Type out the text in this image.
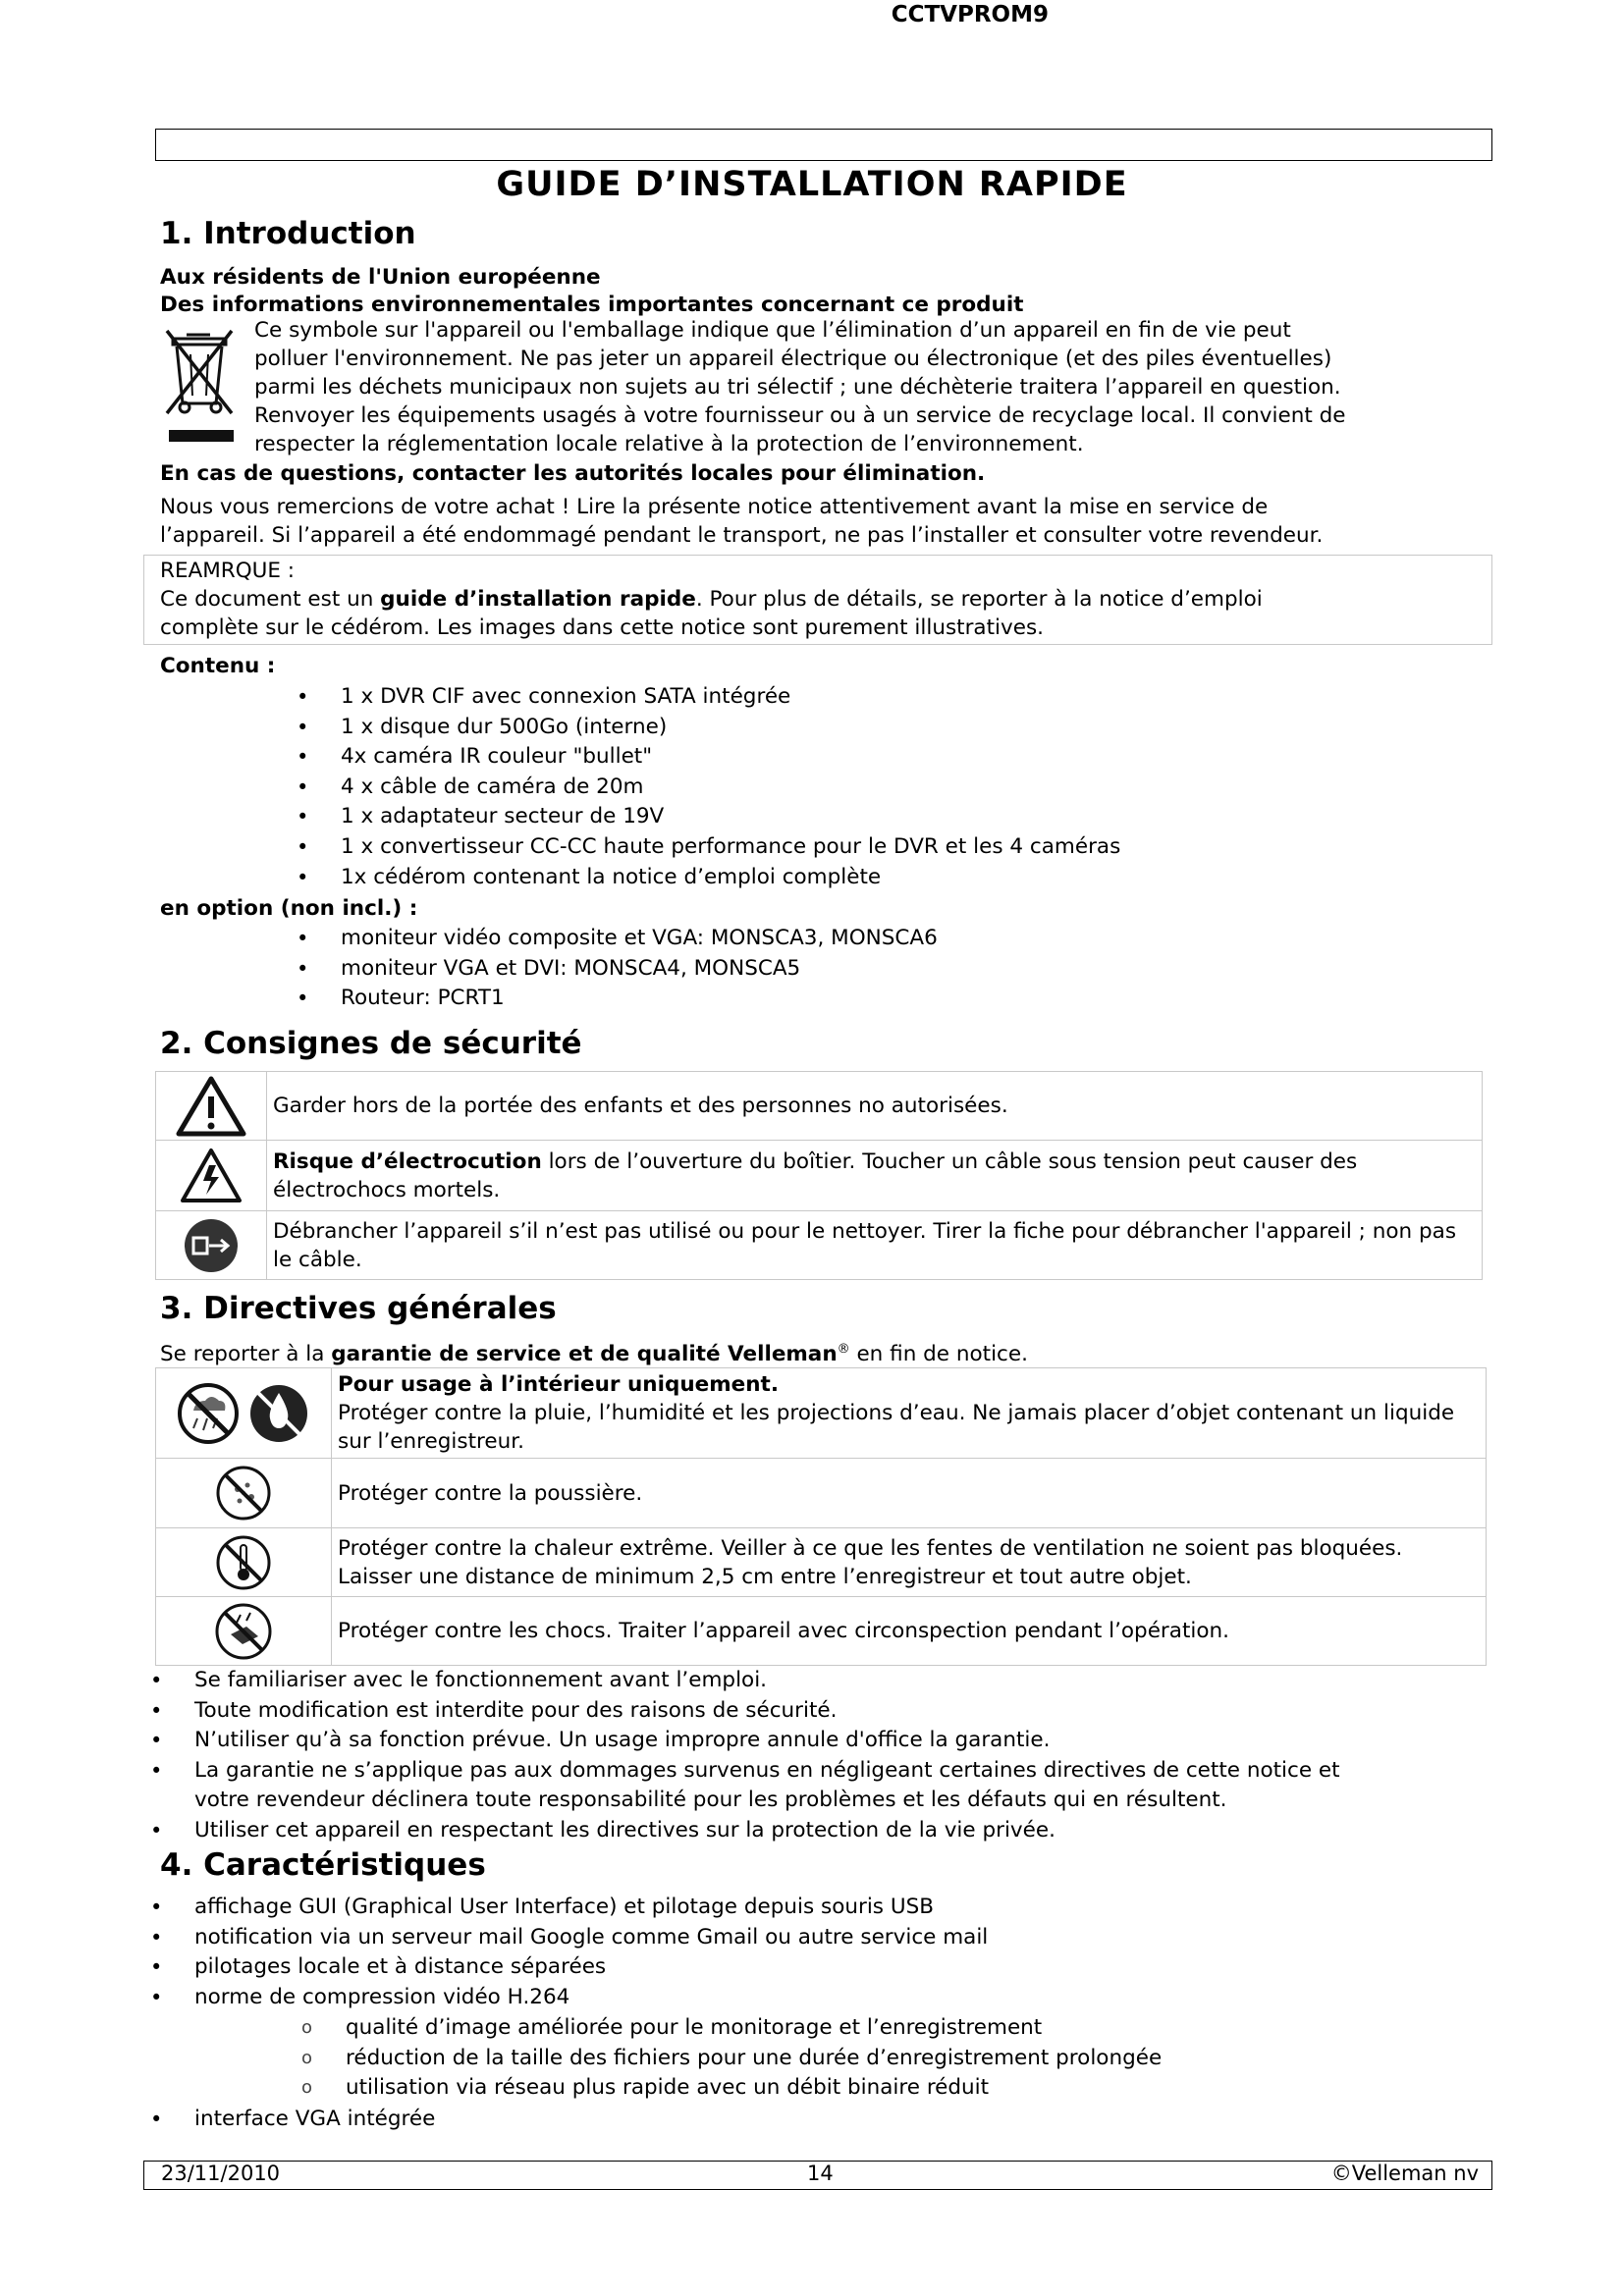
CCTVPROM9
GUIDE D’INSTALLATION RAPIDE
1. Introduction
Aux résidents de l'Union européenne
Des informations environnementales importantes concernant ce produit
Ce symbole sur l'appareil ou l'emballage indique que l’élimination d’un appareil en fin de vie peut
polluer l'environnement. Ne pas jeter un appareil électrique ou électronique (et des piles éventuelles)
parmi les déchets municipaux non sujets au tri sélectif ; une déchèterie traitera l’appareil en question.
Renvoyer les équipements usagés à votre fournisseur ou à un service de recyclage local. Il convient de
respecter la réglementation locale relative à la protection de l’environnement.
En cas de questions, contacter les autorités locales pour élimination.
Nous vous remercions de votre achat ! Lire la présente notice attentivement avant la mise en service de
l’appareil. Si l’appareil a été endommagé pendant le transport, ne pas l’installer et consulter votre revendeur.
REAMRQUE :
Ce document est un guide d’installation rapide. Pour plus de détails, se reporter à la notice d’emploi
complète sur le cédérom. Les images dans cette notice sont purement illustratives.
Contenu :
• 1 x DVR CIF avec connexion SATA intégrée
• 1 x disque dur 500Go (interne)
• 4x caméra IR couleur "bullet"
• 4 x câble de caméra de 20m
• 1 x adaptateur secteur de 19V
• 1 x convertisseur CC-CC haute performance pour le DVR et les 4 caméras
• 1x cédérom contenant la notice d’emploi complète
en option (non incl.) :
• moniteur vidéo composite et VGA: MONSCA3, MONSCA6
• moniteur VGA et DVI: MONSCA4, MONSCA5
• Routeur: PCRT1
2. Consignes de sécurité
	Garder hors de la portée des enfants et des personnes no autorisées.
	Risque d’électrocution lors de l’ouverture du boîtier. Toucher un câble sous tension peut causer des électrochocs mortels.
	Débrancher l’appareil s’il n’est pas utilisé ou pour le nettoyer. Tirer la fiche pour débrancher l'appareil ; non pas le câble.
3. Directives générales
Se reporter à la garantie de service et de qualité Velleman® en fin de notice.

Pour usage à l’intérieur uniquement.
Protéger contre la pluie, l’humidité et les projections d’eau. Ne jamais placer d’objet contenant un liquide sur l’enregistreur.

	Protéger contre la poussière.
	Protéger contre la chaleur extrême. Veiller à ce que les fentes de ventilation ne soient pas bloquées. Laisser une distance de minimum 2,5 cm entre l’enregistreur et tout autre objet.
	Protéger contre les chocs. Traiter l’appareil avec circonspection pendant l’opération.
• Se familiariser avec le fonctionnement avant l’emploi.
• Toute modification est interdite pour des raisons de sécurité.
• N’utiliser qu’à sa fonction prévue. Un usage impropre annule d'office la garantie.
• La garantie ne s’applique pas aux dommages survenus en négligeant certaines directives de cette notice et
votre revendeur déclinera toute responsabilité pour les problèmes et les défauts qui en résultent.
• Utiliser cet appareil en respectant les directives sur la protection de la vie privée.
4. Caractéristiques
• affichage GUI (Graphical User Interface) et pilotage depuis souris USB
• notification via un serveur mail Google comme Gmail ou autre service mail
• pilotages locale et à distance séparées
• norme de compression vidéo H.264
o qualité d’image améliorée pour le monitorage et l’enregistrement
o réduction de la taille des fichiers pour une durée d’enregistrement prolongée
o utilisation via réseau plus rapide avec un débit binaire réduit
• interface VGA intégrée
23/11/2010	14	©Velleman nv
